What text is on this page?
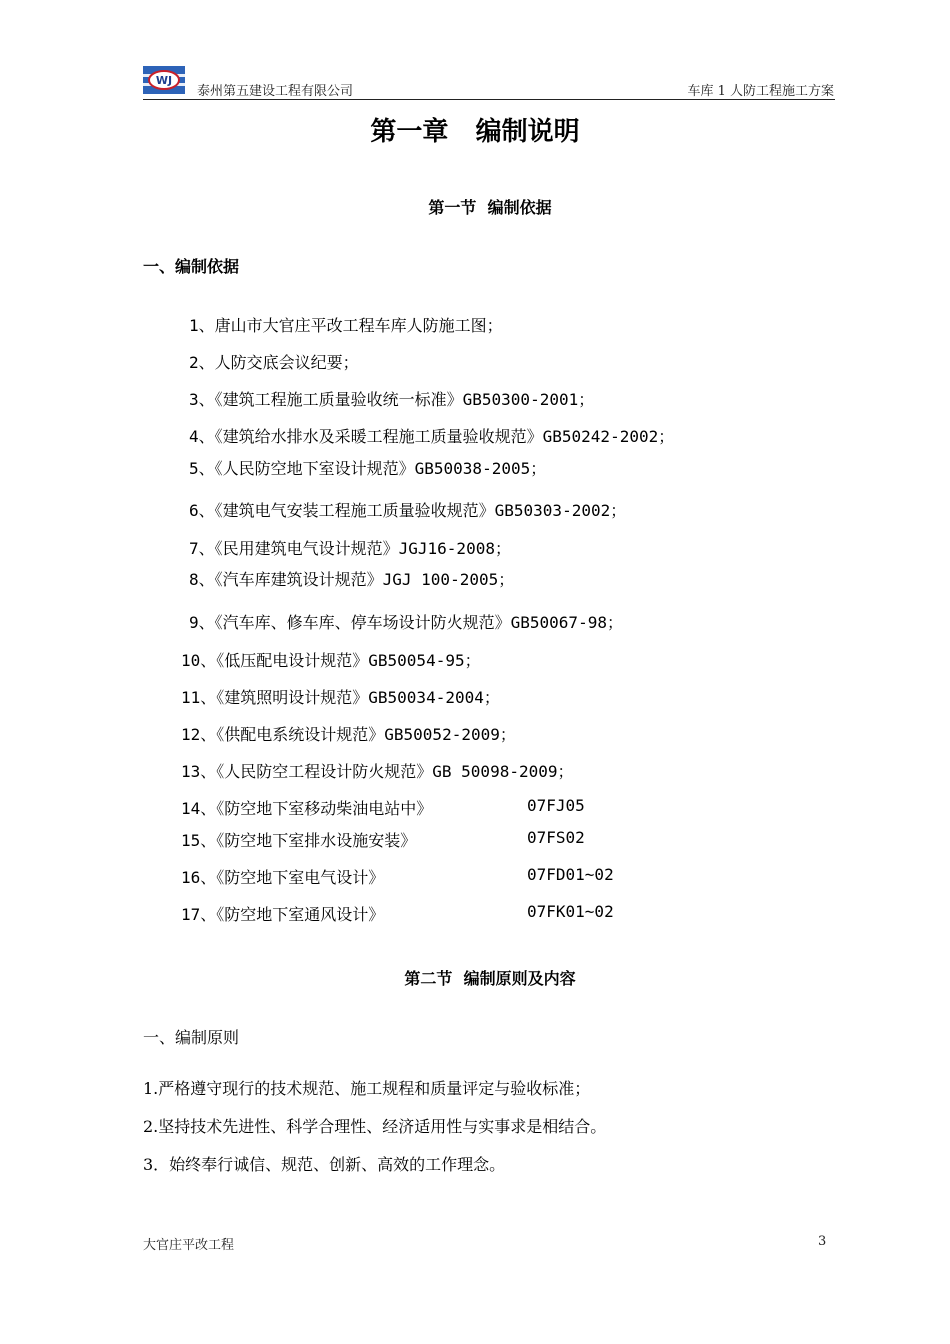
WJ
泰州第五建设工程有限公司	车库 1 人防工程施工方案
第一章   编制说明
第一节  编制依据
一、编制依据
1、唐山市大官庄平改工程车库人防施工图；
2、人防交底会议纪要；
3、《建筑工程施工质量验收统一标准》GB50300-2001；
4、《建筑给水排水及采暖工程施工质量验收规范》GB50242-2002；
5、《人民防空地下室设计规范》GB50038-2005；
6、《建筑电气安装工程施工质量验收规范》GB50303-2002；
7、《民用建筑电气设计规范》JGJ16-2008；
8、《汽车库建筑设计规范》JGJ 100-2005；
9、《汽车库、修车库、停车场设计防火规范》GB50067-98；
10、《低压配电设计规范》GB50054-95；
11、《建筑照明设计规范》GB50034-2004；
12、《供配电系统设计规范》GB50052-2009；
13、《人民防空工程设计防火规范》GB 50098-2009；
14、《防空地下室移动柴油电站中》	07FJ05
15、《防空地下室排水设施安装》	07FS02
16、《防空地下室电气设计》	07FD01~02
17、《防空地下室通风设计》	07FK01~02
第二节  编制原则及内容
一、编制原则
1.严格遵守现行的技术规范、施工规程和质量评定与验收标准；
2.坚持技术先进性、科学合理性、经济适用性与实事求是相结合。
3．始终奉行诚信、规范、创新、高效的工作理念。
大官庄平改工程	3
